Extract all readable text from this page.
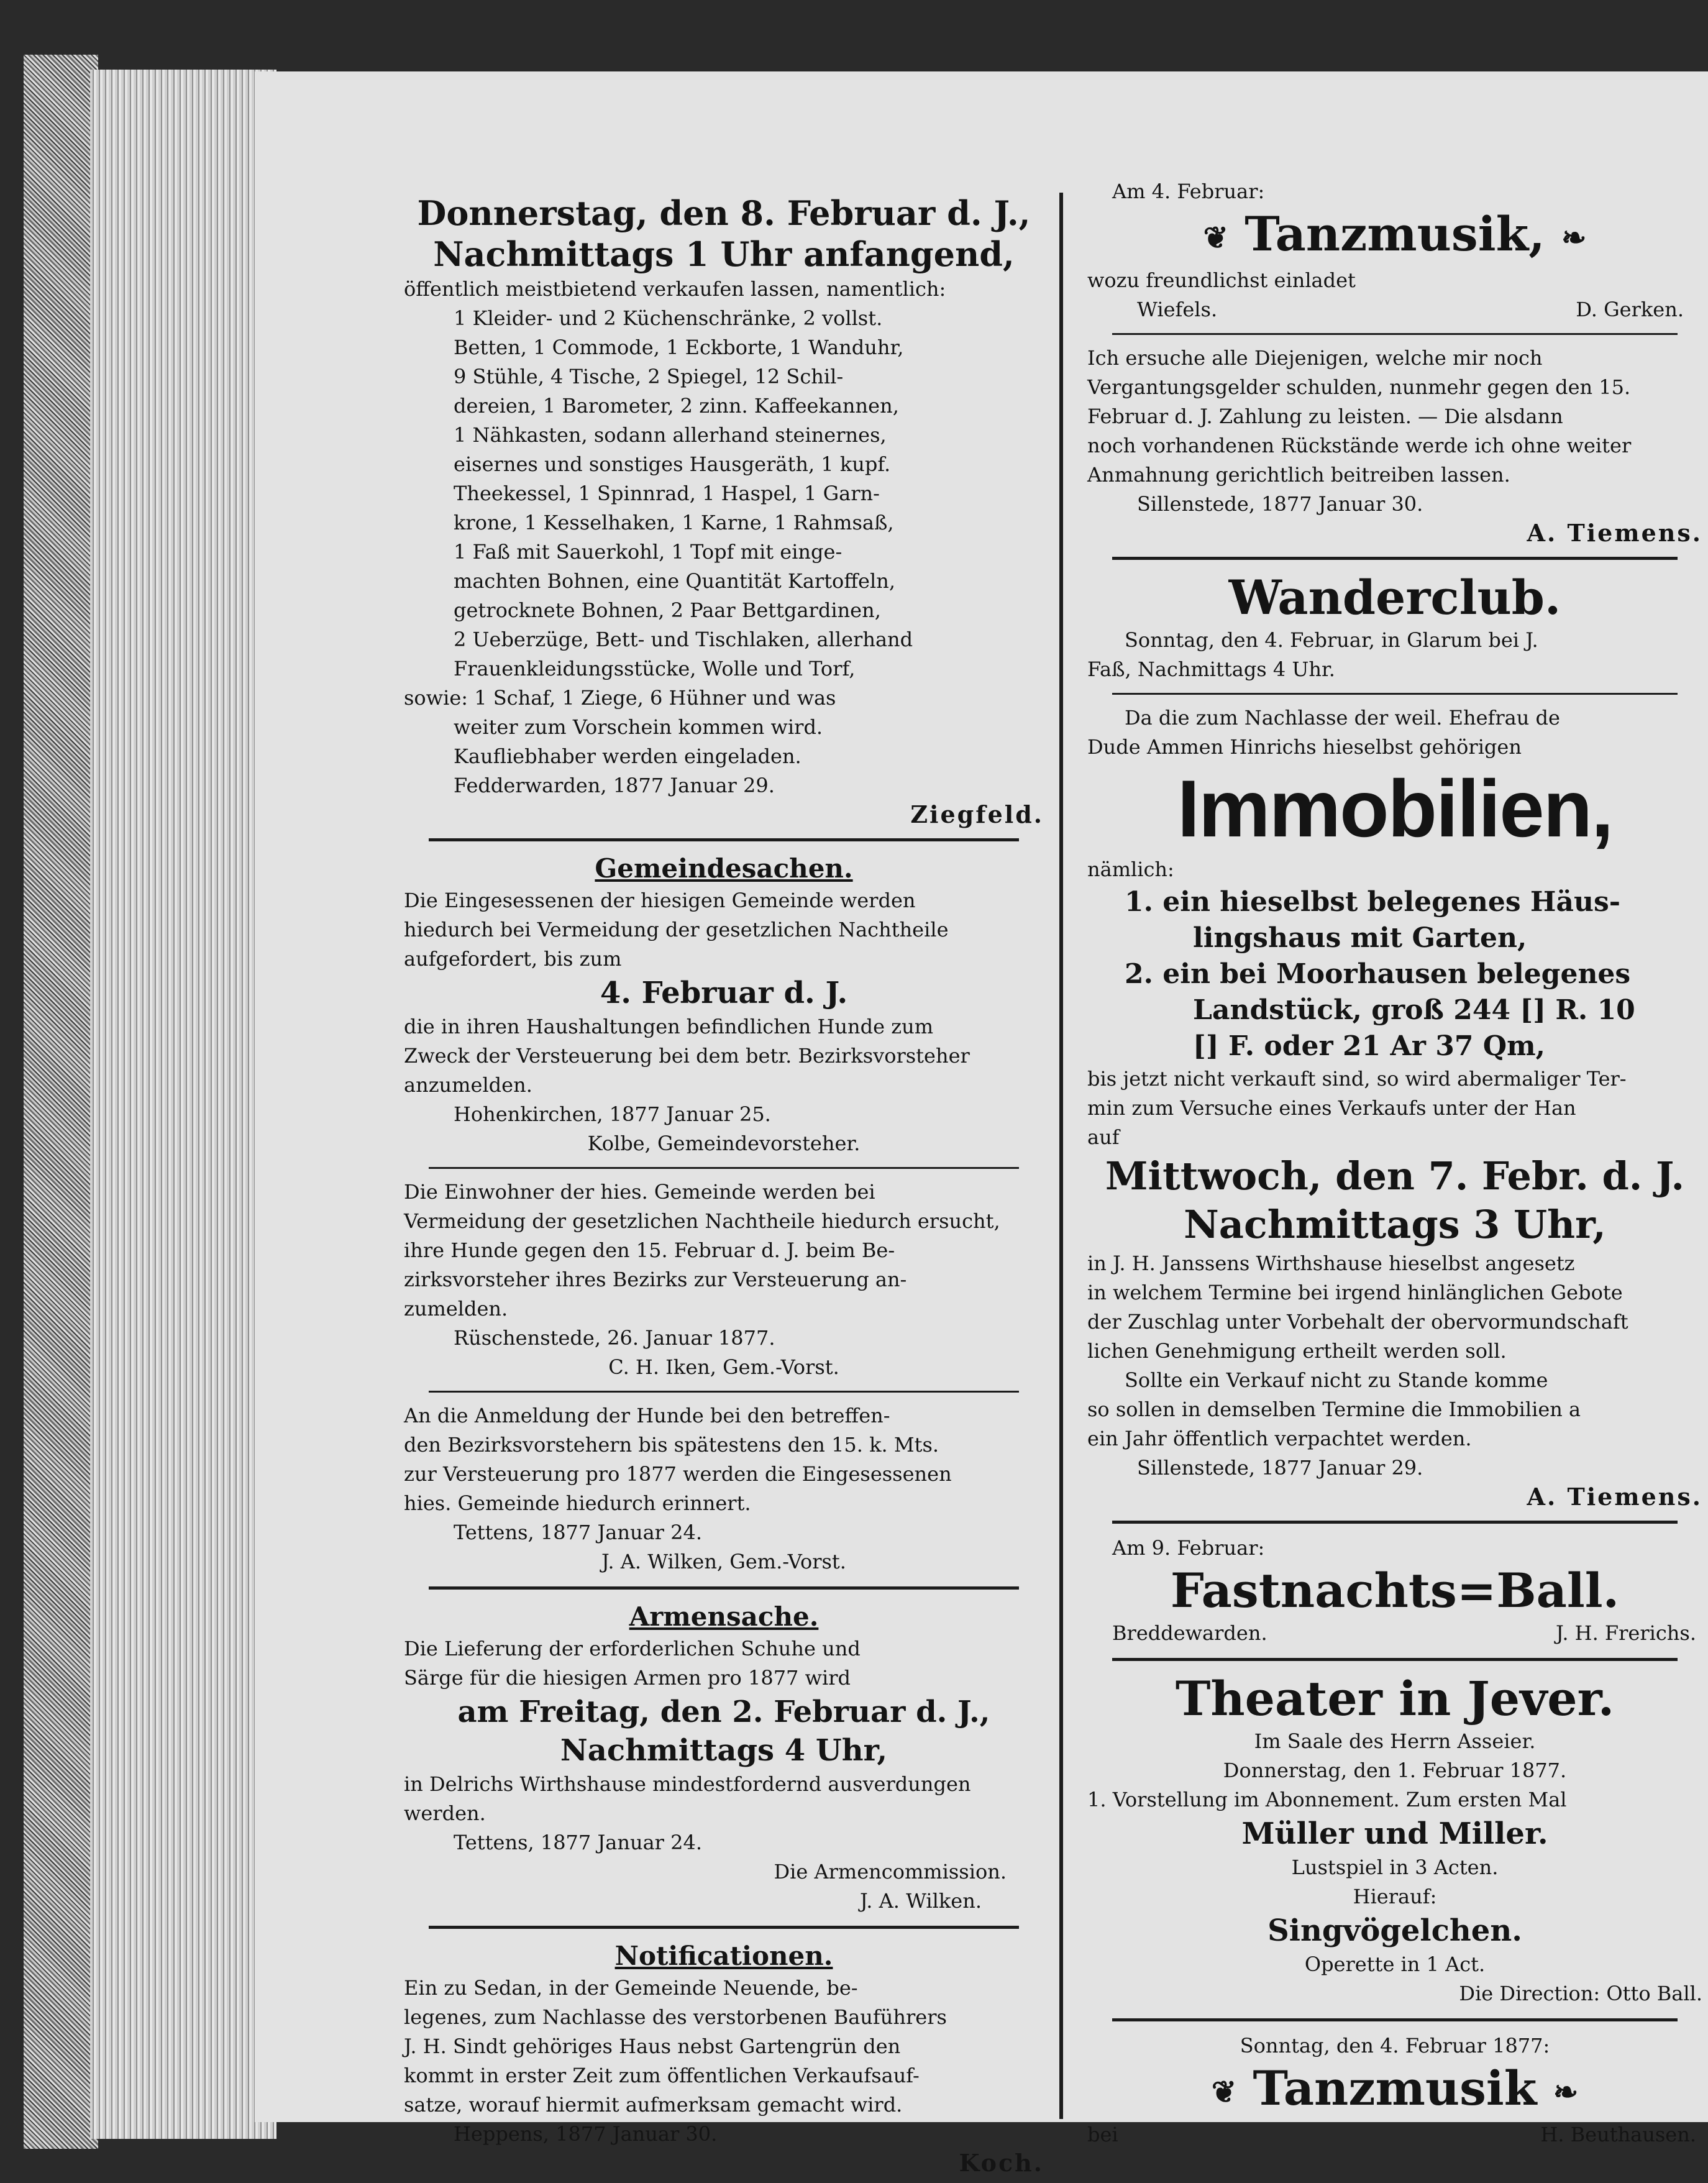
Donnerstag, den 8. Februar d. J.,

Nachmittags 1 Uhr anfangend,

öffentlich meistbietend verkaufen lassen, namentlich:

1 Kleider- und 2 Küchenschränke, 2 vollst.

Betten, 1 Commode, 1 Eckborte, 1 Wanduhr,

9 Stühle, 4 Tische, 2 Spiegel, 12 Schil-

dereien, 1 Barometer, 2 zinn. Kaffeekannen,

1 Nähkasten, sodann allerhand steinernes,

eisernes und sonstiges Hausgeräth, 1 kupf.

Theekessel, 1 Spinnrad, 1 Haspel, 1 Garn-

krone, 1 Kesselhaken, 1 Karne, 1 Rahmsaß,

1 Faß mit Sauerkohl, 1 Topf mit einge-

machten Bohnen, eine Quantität Kartoffeln,

getrocknete Bohnen, 2 Paar Bettgardinen,

2 Ueberzüge, Bett- und Tischlaken, allerhand

Frauenkleidungsstücke, Wolle und Torf,

sowie: 1 Schaf, 1 Ziege, 6 Hühner und was

weiter zum Vorschein kommen wird.

Kaufliebhaber werden eingeladen.

Fedderwarden, 1877 Januar 29.

Ziegfeld.

Gemeindesachen.

Die Eingesessenen der hiesigen Gemeinde werden

hiedurch bei Vermeidung der gesetzlichen Nachtheile

aufgefordert, bis zum

4. Februar d. J.

die in ihren Haushaltungen befindlichen Hunde zum

Zweck der Versteuerung bei dem betr. Bezirksvorsteher

anzumelden.

Hohenkirchen, 1877 Januar 25.

Kolbe, Gemeindevorsteher.

Die Einwohner der hies. Gemeinde werden bei

Vermeidung der gesetzlichen Nachtheile hiedurch ersucht,

ihre Hunde gegen den 15. Februar d. J. beim Be-

zirksvorsteher ihres Bezirks zur Versteuerung an-

zumelden.

Rüschenstede, 26. Januar 1877.

C. H. Iken, Gem.-Vorst.

An die Anmeldung der Hunde bei den betreffen-

den Bezirksvorstehern bis spätestens den 15. k. Mts.

zur Versteuerung pro 1877 werden die Eingesessenen

hies. Gemeinde hiedurch erinnert.

Tettens, 1877 Januar 24.

J. A. Wilken, Gem.-Vorst.

Armensache.

Die Lieferung der erforderlichen Schuhe und

Särge für die hiesigen Armen pro 1877 wird

am Freitag, den 2. Februar d. J.,

Nachmittags 4 Uhr,

in Delrichs Wirthshause mindestfordernd ausverdungen

werden.

Tettens, 1877 Januar 24.

Die Armencommission.

J. A. Wilken.

Notificationen.

Ein zu Sedan, in der Gemeinde Neuende, be-

legenes, zum Nachlasse des verstorbenen Bauführers

J. H. Sindt gehöriges Haus nebst Gartengrün den

kommt in erster Zeit zum öffentlichen Verkaufsauf-

satze, worauf hiermit aufmerksam gemacht wird.

Heppens, 1877 Januar 30.

Koch.

Am 4. Februar:

❦ Tanzmusik, ❧

wozu freundlichst einladet

Wiefels.	D. Gerken.

Ich ersuche alle Diejenigen, welche mir noch

Vergantungsgelder schulden, nunmehr gegen den 15.

Februar d. J. Zahlung zu leisten. — Die alsdann

noch vorhandenen Rückstände werde ich ohne weiter

Anmahnung gerichtlich beitreiben lassen.

Sillenstede, 1877 Januar 30.

A. Tiemens.

Wanderclub.

Sonntag, den 4. Februar, in Glarum bei J.

Faß, Nachmittags 4 Uhr.

Da die zum Nachlasse der weil. Ehefrau de

Dude Ammen Hinrichs hieselbst gehörigen

Immobilien,

nämlich:

1. ein hieselbst belegenes Häus-

lingshaus mit Garten,

2. ein bei Moorhausen belegenes

Landstück, groß 244 [] R. 10

[] F. oder 21 Ar 37 Qm,

bis jetzt nicht verkauft sind, so wird abermaliger Ter-

min zum Versuche eines Verkaufs unter der Han

auf

Mittwoch, den 7. Febr. d. J.

Nachmittags 3 Uhr,

in J. H. Janssens Wirthshause hieselbst angesetz

in welchem Termine bei irgend hinlänglichen Gebote

der Zuschlag unter Vorbehalt der obervormundschaft

lichen Genehmigung ertheilt werden soll.

Sollte ein Verkauf nicht zu Stande komme

so sollen in demselben Termine die Immobilien a

ein Jahr öffentlich verpachtet werden.

Sillenstede, 1877 Januar 29.

A. Tiemens.

Am 9. Februar:

Fastnachts=Ball.

Breddewarden.	J. H. Frerichs.

Theater in Jever.

Im Saale des Herrn Asseier.

Donnerstag, den 1. Februar 1877.

1. Vorstellung im Abonnement. Zum ersten Mal

Müller und Miller.

Lustspiel in 3 Acten.

Hierauf:

Singvögelchen.

Operette in 1 Act.

Die Direction: Otto Ball.

Sonntag, den 4. Februar 1877:

❦ Tanzmusik ❧

bei	H. Beuthausen.
